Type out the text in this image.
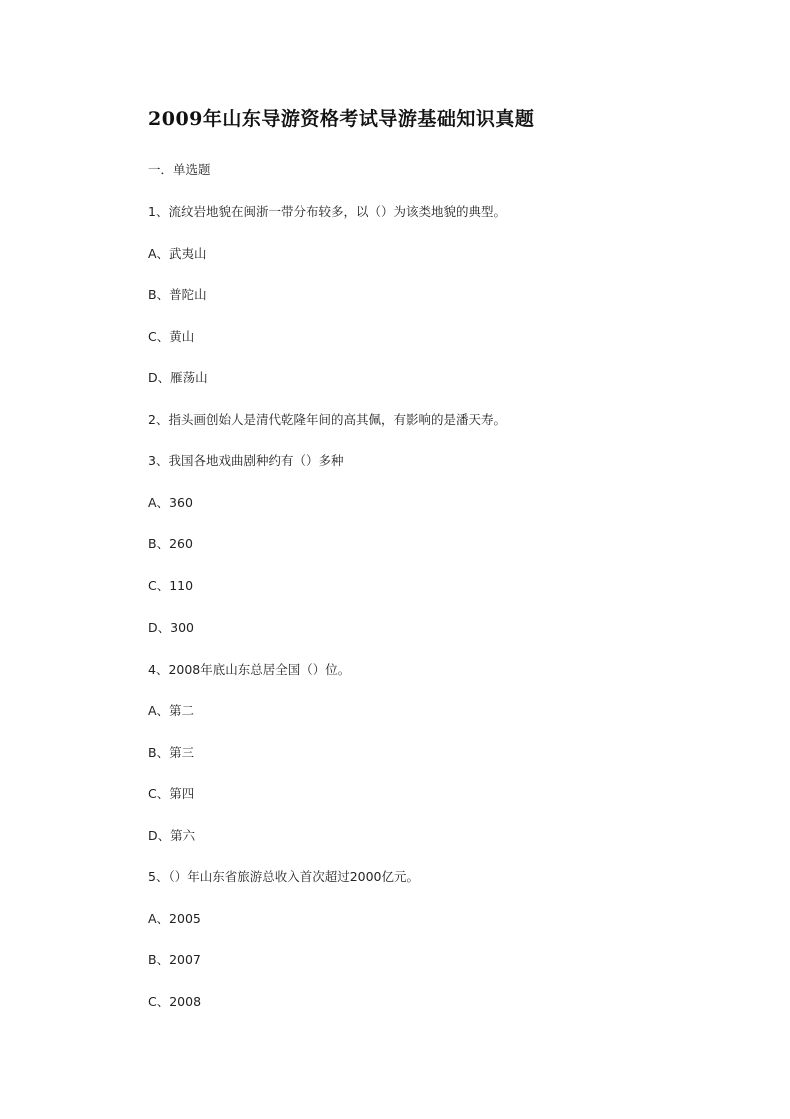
2009年山东导游资格考试导游基础知识真题
一．单选题
1、流纹岩地貌在闽浙一带分布较多，以（）为该类地貌的典型。
A、武夷山
B、普陀山
C、黄山
D、雁荡山
2、指头画创始人是清代乾隆年间的高其佩，有影响的是潘天寿。
3、我国各地戏曲剧种约有（）多种
A、360
B、260
C、110
D、300
4、2008年底山东总居全国（）位。
A、第二
B、第三
C、第四
D、第六
5、（）年山东省旅游总收入首次超过2000亿元。
A、2005
B、2007
C、2008
